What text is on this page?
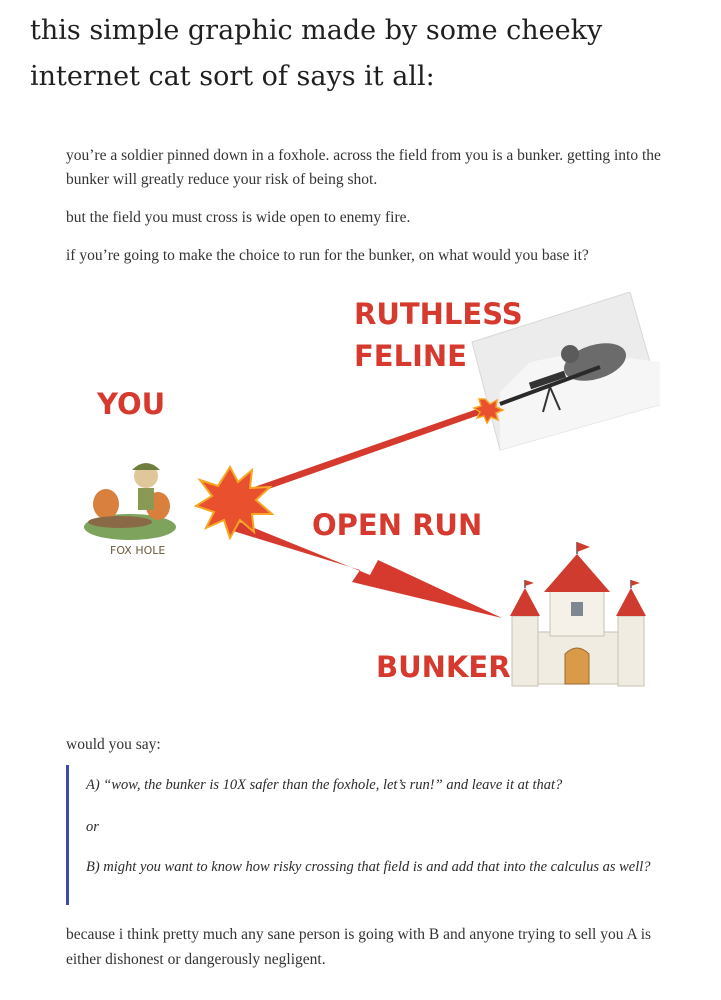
this simple graphic made by some cheeky internet cat sort of says it all:

you’re a soldier pinned down in a foxhole. across the field from you is a bunker. getting into the bunker will greatly reduce your risk of being shot.

but the field you must cross is wide open to enemy fire.

if you’re going to make the choice to run for the bunker, on what would you base it?

FOX HOLE
RUTHLESS
FELINE
YOU
OPEN RUN
BUNKER

would you say:

A) “wow, the bunker is 10X safer than the foxhole, let’s run!” and leave it at that?

or

B) might you want to know how risky crossing that field is and add that into the calculus as well?

because i think pretty much any sane person is going with B and anyone trying to sell you A is either dishonest or dangerously negligent.
